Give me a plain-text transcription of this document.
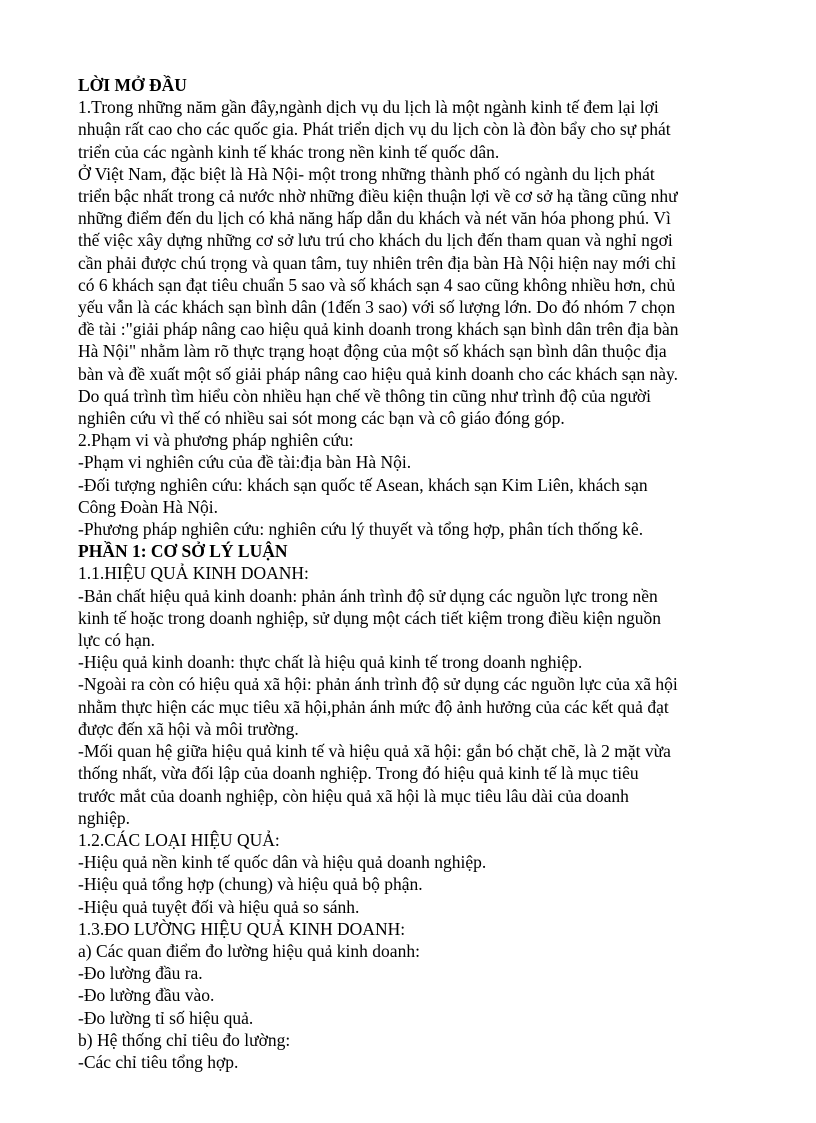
LỜI MỞ ĐẦU
1.Trong những năm gần đây,ngành dịch vụ du lịch là một ngành kinh tế đem lại lợi
nhuận rất cao cho các quốc gia. Phát triển dịch vụ du lịch còn là đòn bẩy cho sự phát
triển của các ngành kinh tế khác trong nền kinh tế quốc dân.
Ở Việt Nam, đặc biệt là Hà Nội- một trong những thành phố có ngành du lịch phát
triển bậc nhất trong cả nước nhờ những điều kiện thuận lợi về cơ sở hạ tầng cũng như
những điểm đến du lịch có khả năng hấp dẫn du khách và nét văn hóa phong phú. Vì
thế việc xây dựng những cơ sở lưu trú cho khách du lịch đến tham quan và nghỉ ngơi
cần phải được chú trọng và quan tâm, tuy nhiên trên địa bàn Hà Nội hiện nay mới chỉ
có 6 khách sạn đạt tiêu chuẩn 5 sao và số khách sạn 4 sao cũng không nhiều hơn, chủ
yếu vẫn là các khách sạn bình dân (1đến 3 sao) với số lượng lớn. Do đó nhóm 7 chọn
đề tài :"giải pháp nâng cao hiệu quả kinh doanh trong khách sạn bình dân trên địa bàn
Hà Nội" nhằm làm rõ thực trạng hoạt động của một số khách sạn bình dân thuộc địa
bàn và đề xuất một số giải pháp nâng cao hiệu quả kinh doanh cho các khách sạn này.
Do quá trình tìm hiểu còn nhiều hạn chế về thông tin cũng như trình độ của người
nghiên cứu vì thế có nhiều sai sót mong các bạn và cô giáo đóng góp.
2.Phạm vi và phương pháp nghiên cứu:
-Phạm vi nghiên cứu của đề tài:địa bàn Hà Nội.
-Đối tượng nghiên cứu: khách sạn quốc tế Asean, khách sạn Kim Liên, khách sạn
Công Đoàn Hà Nội.
-Phương pháp nghiên cứu: nghiên cứu lý thuyết và tổng hợp, phân tích thống kê.
PHẦN 1: CƠ SỞ LÝ LUẬN
1.1.HIỆU QUẢ KINH DOANH:
-Bản chất hiệu quả kinh doanh: phản ánh trình độ sử dụng các nguồn lực trong nền
kinh tế hoặc trong doanh nghiệp, sử dụng một cách tiết kiệm trong điều kiện nguồn
lực có hạn.
-Hiệu quả kinh doanh: thực chất là hiệu quả kinh tế trong doanh nghiệp.
-Ngoài ra còn có hiệu quả xã hội: phản ánh trình độ sử dụng các nguồn lực của xã hội
nhằm thực hiện các mục tiêu xã hội,phản ánh mức độ ảnh hưởng của các kết quả đạt
được đến xã hội và môi trường.
-Mối quan hệ giữa hiệu quả kinh tế và hiệu quả xã hội: gắn bó chặt chẽ, là 2 mặt vừa
thống nhất, vừa đối lập của doanh nghiệp. Trong đó hiệu quả kinh tế là mục tiêu
trước mắt của doanh nghiệp, còn hiệu quả xã hội là mục tiêu lâu dài của doanh
nghiệp.
1.2.CÁC LOẠI HIỆU QUẢ:
-Hiệu quả nền kinh tế quốc dân và hiệu quả doanh nghiệp.
-Hiệu quả tổng hợp (chung) và hiệu quả bộ phận.
-Hiệu quả tuyệt đối và hiệu quả so sánh.
1.3.ĐO LƯỜNG HIỆU QUẢ KINH DOANH:
a) Các quan điểm đo lường hiệu quả kinh doanh:
-Đo lường đầu ra.
-Đo lường đầu vào.
-Đo lường tỉ số hiệu quả.
b) Hệ thống chỉ tiêu đo lường:
-Các chỉ tiêu tổng hợp.
